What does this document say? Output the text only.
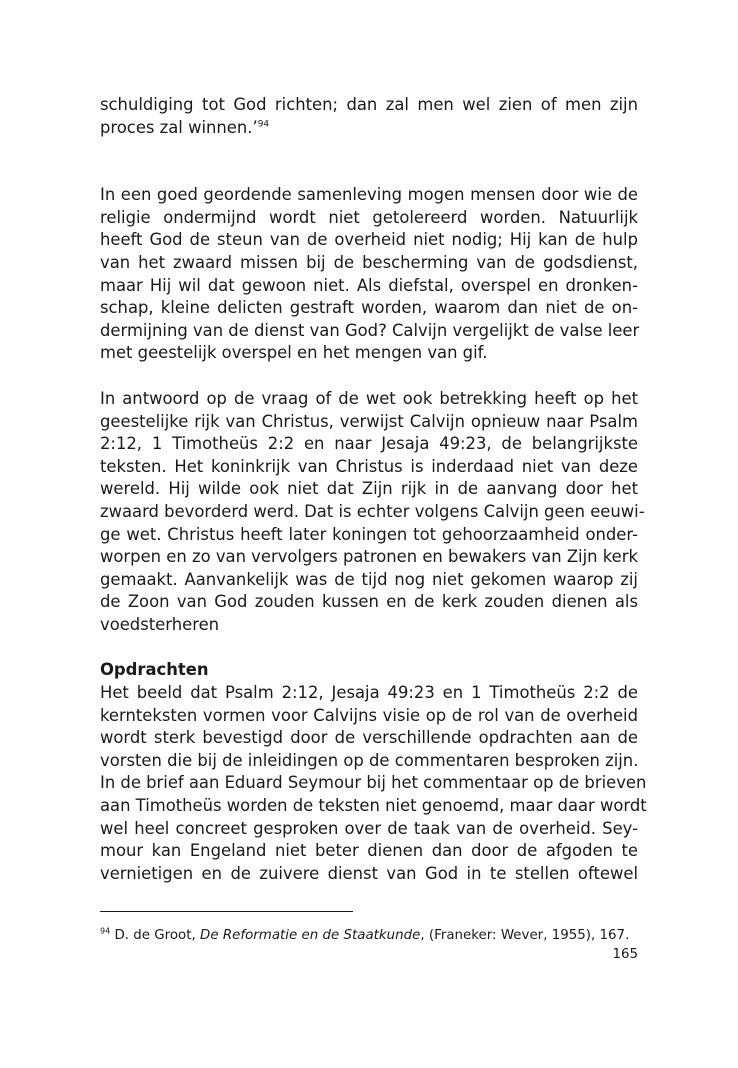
schuldiging tot God richten; dan zal men wel zien of men zijn
proces zal winnen.’$^{94}$

In een goed geordende samenleving mogen mensen door wie de
religie ondermijnd wordt niet getolereerd worden. Natuurlijk
heeft God de steun van de overheid niet nodig; Hij kan de hulp
van het zwaard missen bij de bescherming van de godsdienst,
maar Hij wil dat gewoon niet. Als diefstal, overspel en dronken-
schap, kleine delicten gestraft worden, waarom dan niet de on-
dermijning van de dienst van God? Calvijn vergelijkt de valse leer
met geestelijk overspel en het mengen van gif.

In antwoord op de vraag of de wet ook betrekking heeft op het
geestelijke rijk van Christus, verwijst Calvijn opnieuw naar Psalm
2:12, 1 Timotheüs 2:2 en naar Jesaja 49:23, de belangrijkste
teksten. Het koninkrijk van Christus is inderdaad niet van deze
wereld. Hij wilde ook niet dat Zijn rijk in de aanvang door het
zwaard bevorderd werd. Dat is echter volgens Calvijn geen eeuwi-
ge wet. Christus heeft later koningen tot gehoorzaamheid onder-
worpen en zo van vervolgers patronen en bewakers van Zijn kerk
gemaakt. Aanvankelijk was de tijd nog niet gekomen waarop zij
de Zoon van God zouden kussen en de kerk zouden dienen als
voedsterheren

Opdrachten

Het beeld dat Psalm 2:12, Jesaja 49:23 en 1 Timotheüs 2:2 de
kernteksten vormen voor Calvijns visie op de rol van de overheid
wordt sterk bevestigd door de verschillende opdrachten aan de
vorsten die bij de inleidingen op de commentaren besproken zijn.
In de brief aan Eduard Seymour bij het commentaar op de brieven
aan Timotheüs worden de teksten niet genoemd, maar daar wordt
wel heel concreet gesproken over de taak van de overheid. Sey-
mour kan Engeland niet beter dienen dan door de afgoden te
vernietigen en de zuivere dienst van God in te stellen oftewel

$^{94}$ D. de Groot, De Reformatie en de Staatkunde, (Franeker: Wever, 1955), 167.
165
